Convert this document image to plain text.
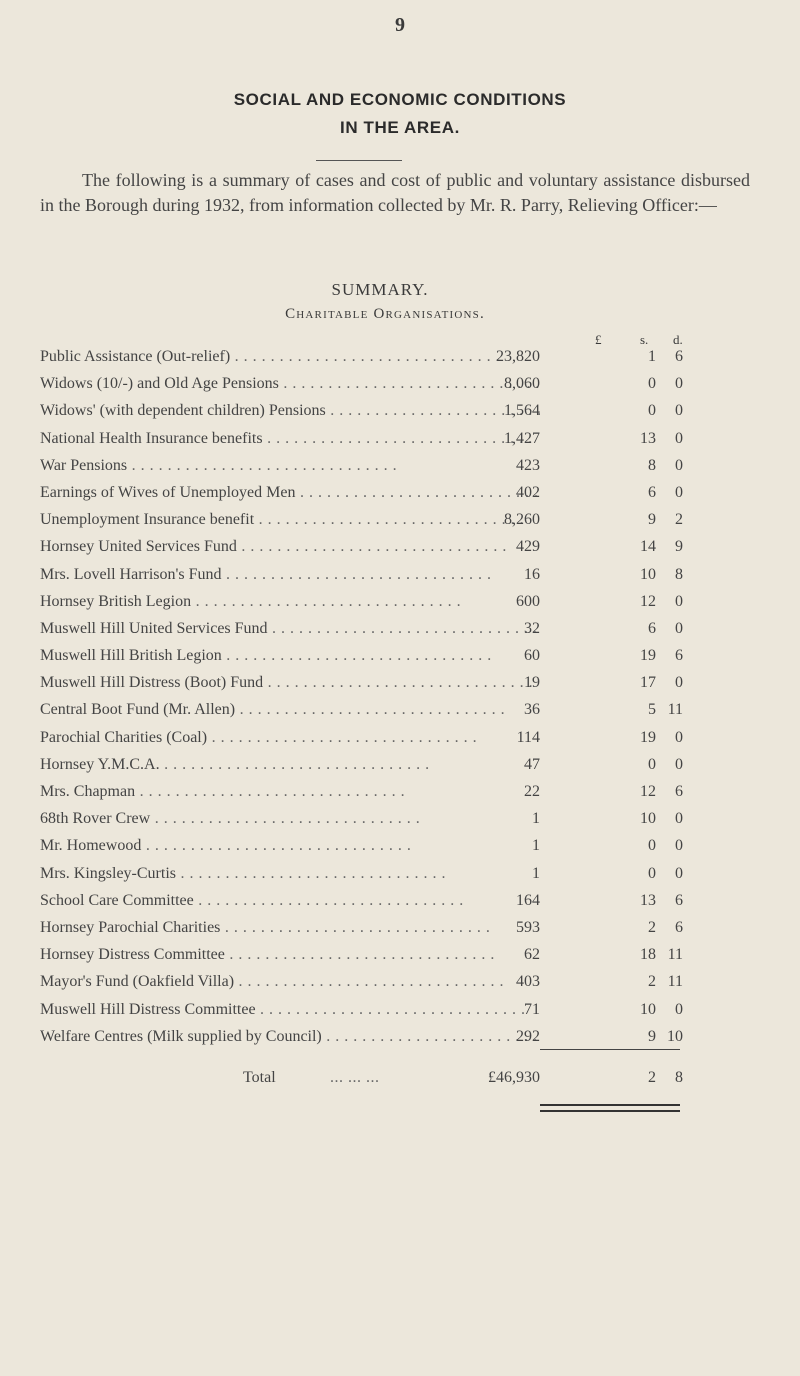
9
SOCIAL AND ECONOMIC CONDITIONS
IN THE AREA.
The following is a summary of cases and cost of public and voluntary assistance disbursed in the Borough during 1932, from information collected by Mr. R. Parry, Relieving Officer:—
SUMMARY.
Charitable Organisations.
£	s. d.
Public Assistance (Out-relief) . . .	23,820	1 6
Widows (10/-) and Old Age Pensions . . .	8,060	0 0
Widows' (with dependent children) Pensions . . .	1,564	0 0
National Health Insurance benefits . . .	1,427	13 0
War Pensions . . .	423	8 0
Earnings of Wives of Unemployed Men . . .	402	6 0
Unemployment Insurance benefit . . .	8,260	9 2
Hornsey United Services Fund . . .	429	14 9
Mrs. Lovell Harrison's Fund . . .	16	10 8
Hornsey British Legion . . .	600	12 0
Muswell Hill United Services Fund . . .	32	6 0
Muswell Hill British Legion . . .	60	19 6
Muswell Hill Distress (Boot) Fund . . .	19	17 0
Central Boot Fund (Mr. Allen) . . .	36	5 11
Parochial Charities (Coal) . . .	114	19 0
Hornsey Y.M.C.A. . . .	47	0 0
Mrs. Chapman . . .	22	12 6
68th Rover Crew . . .	1	10 0
Mr. Homewood . . .	1	0 0
Mrs. Kingsley-Curtis . . .	1	0 0
School Care Committee . . .	164	13 6
Hornsey Parochial Charities . . .	593	2 6
Hornsey Distress Committee . . .	62	18 11
Mayor's Fund (Oakfield Villa) . . .	403	2 11
Muswell Hill Distress Committee . . .	71	10 0
Welfare Centres (Milk supplied by Council) . . .	292	9 10
Total	... ... ...	£46,930	2 8
